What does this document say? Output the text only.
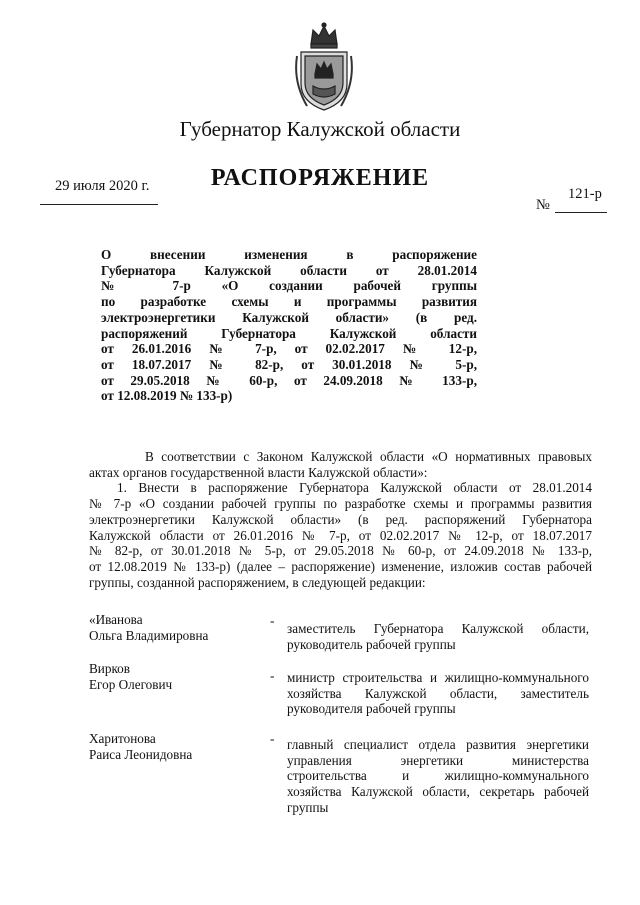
Губернатор Калужской области
29 июля 2020 г.	РАСПОРЯЖЕНИЕ
121-р
№
О внесении изменения в распоряжение
Губернатора Калужской области от 28.01.2014
№ 7-р «О создании рабочей группы
по разработке схемы и программы развития
электроэнергетики Калужской области» (в ред.
распоряжений Губернатора Калужской области
от 26.01.2016 № 7-р, от 02.02.2017 № 12-р,
от 18.07.2017 № 82-р, от 30.01.2018 № 5-р,
от 29.05.2018 № 60-р, от 24.09.2018 № 133-р,
от 12.08.2019 № 133-р)
В соответствии с Законом Калужской области «О нормативных правовых
актах органов государственной власти Калужской области»:
1. Внести в распоряжение Губернатора Калужской области от 28.01.2014
№ 7-р «О создании рабочей группы по разработке схемы и программы развития
электроэнергетики Калужской области» (в ред. распоряжений Губернатора
Калужской области от 26.01.2016 № 7-р, от 02.02.2017 № 12-р, от 18.07.2017
№ 82-р, от 30.01.2018 № 5-р, от 29.05.2018 № 60-р, от 24.09.2018 № 133-р,
от 12.08.2019 № 133-р) (далее – распоряжение) изменение, изложив состав рабочей
группы, созданной распоряжением, в следующей редакции:
«Иванова
Ольга Владимировна
-
заместитель Губернатора Калужской области,
руководитель рабочей группы
Вирков
Егор Олегович
- министр строительства и жилищно-коммунального
хозяйства Калужской области, заместитель
руководителя рабочей группы
Харитонова
Раиса Леонидовна
- главный специалист отдела развития энергетики
управления энергетики министерства
строительства и жилищно-коммунального
хозяйства Калужской области, секретарь рабочей
группы
